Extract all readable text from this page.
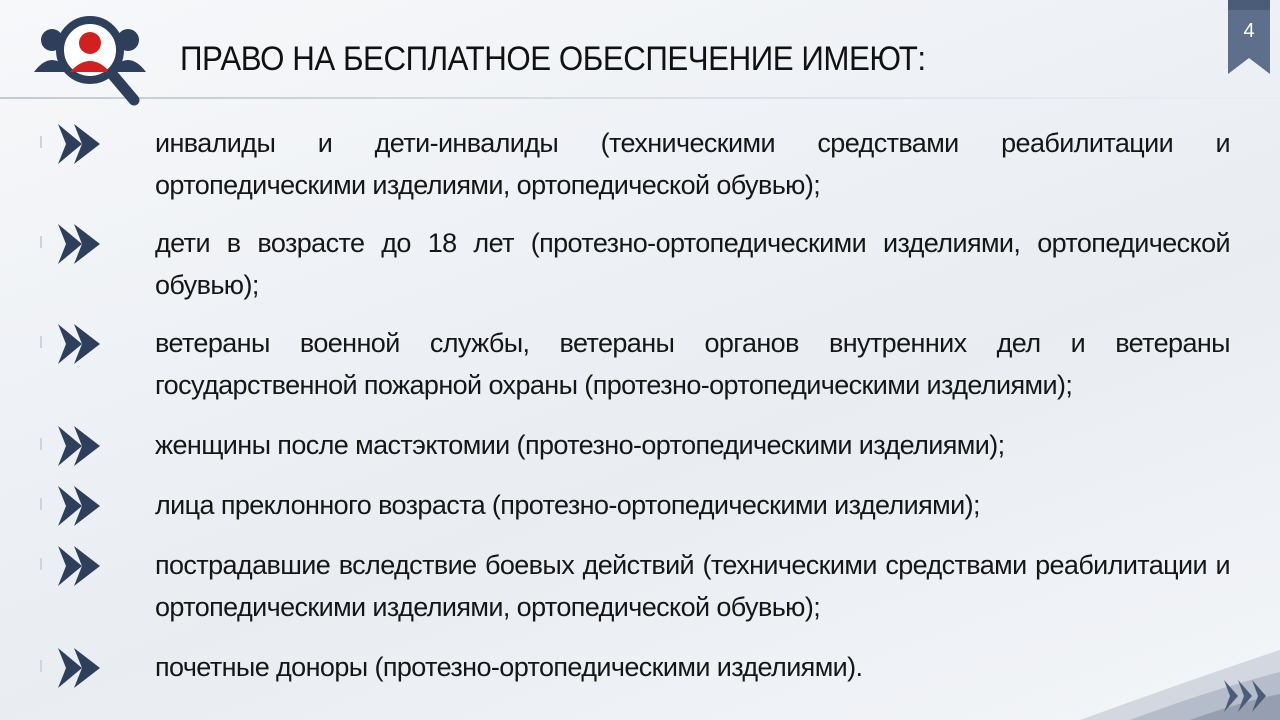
ПРАВО НА БЕСПЛАТНОЕ ОБЕСПЕЧЕНИЕ ИМЕЮТ:
4
инвалиды и дети-инвалиды (техническими средствами реабилитации и ортопедическими изделиями, ортопедической обувью);
дети в возрасте до 18 лет (протезно-ортопедическими изделиями, ортопедической обувью);
ветераны военной службы, ветераны органов внутренних дел и ветераны государственной пожарной охраны (протезно-ортопедическими изделиями);
женщины после мастэктомии (протезно-ортопедическими изделиями);
лица преклонного возраста (протезно-ортопедическими изделиями);
пострадавшие вследствие боевых действий (техническими средствами реабилитации и ортопедическими изделиями, ортопедической обувью);
почетные доноры (протезно-ортопедическими изделиями).
